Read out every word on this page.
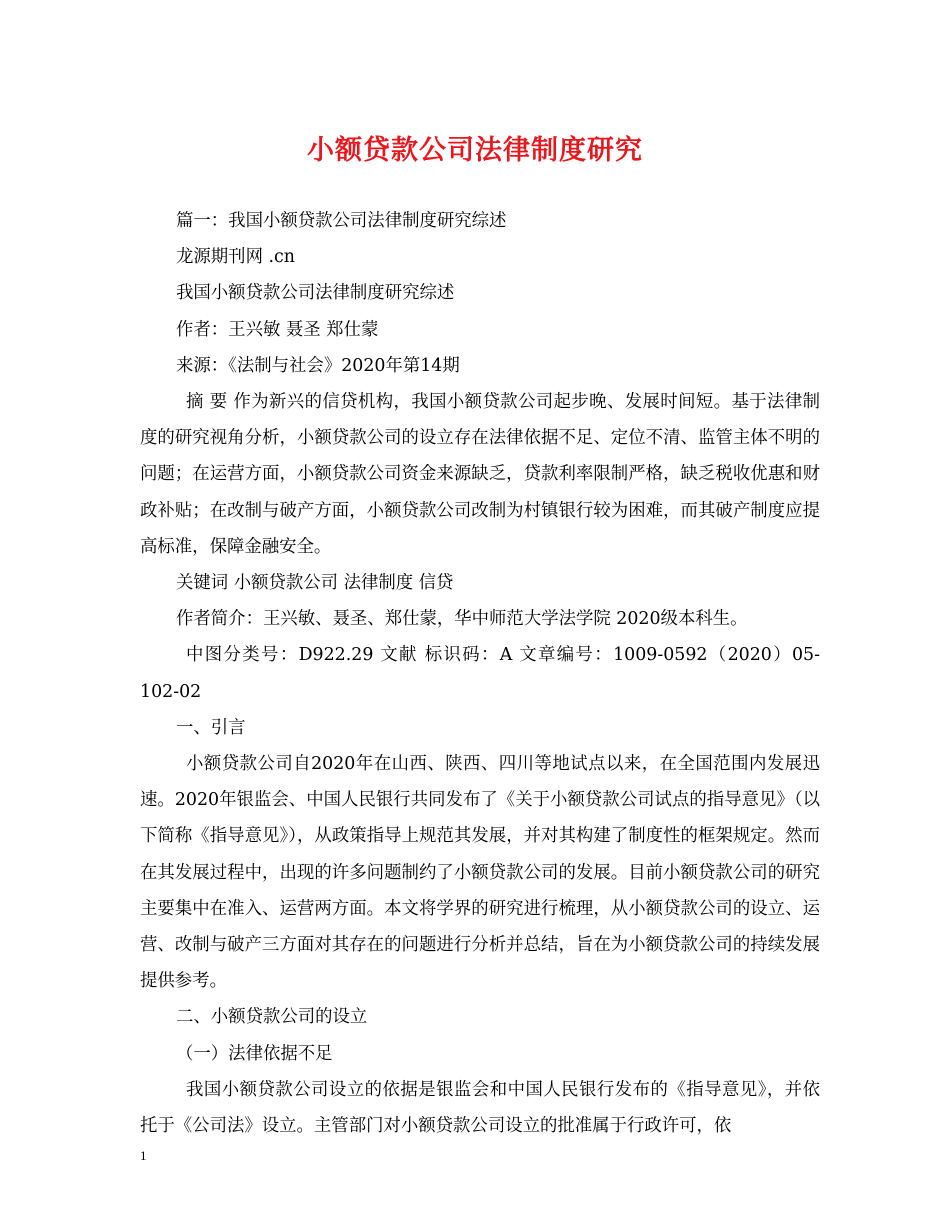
小额贷款公司法律制度研究

篇一：我国小额贷款公司法律制度研究综述

龙源期刊网 .cn

我国小额贷款公司法律制度研究综述

作者：王兴敏 聂圣 郑仕蒙

来源：《法制与社会》2020年第14期

摘 要 作为新兴的信贷机构，我国小额贷款公司起步晚、发展时间短。基于法律制度的研究视角分析，小额贷款公司的设立存在法律依据不足、定位不清、监管主体不明的问题；在运营方面，小额贷款公司资金来源缺乏，贷款利率限制严格，缺乏税收优惠和财政补贴；在改制与破产方面，小额贷款公司改制为村镇银行较为困难，而其破产制度应提高标准，保障金融安全。

关键词 小额贷款公司 法律制度 信贷

作者简介：王兴敏、聂圣、郑仕蒙，华中师范大学法学院 2020级本科生。

中图分类号：D922.29 文献 标识码：A 文章编号：1009-0592（2020）05-102-02

一、引言

小额贷款公司自2020年在山西、陕西、四川等地试点以来，在全国范围内发展迅速。2020年银监会、中国人民银行共同发布了《关于小额贷款公司试点的指导意见》（以下简称《指导意见》），从政策指导上规范其发展，并对其构建了制度性的框架规定。然而在其发展过程中，出现的许多问题制约了小额贷款公司的发展。目前小额贷款公司的研究主要集中在准入、运营两方面。本文将学界的研究进行梳理，从小额贷款公司的设立、运营、改制与破产三方面对其存在的问题进行分析并总结，旨在为小额贷款公司的持续发展提供参考。

二、小额贷款公司的设立

（一）法律依据不足

我国小额贷款公司设立的依据是银监会和中国人民银行发布的《指导意见》，并依托于《公司法》设立。主管部门对小额贷款公司设立的批准属于行政许可，依

1
